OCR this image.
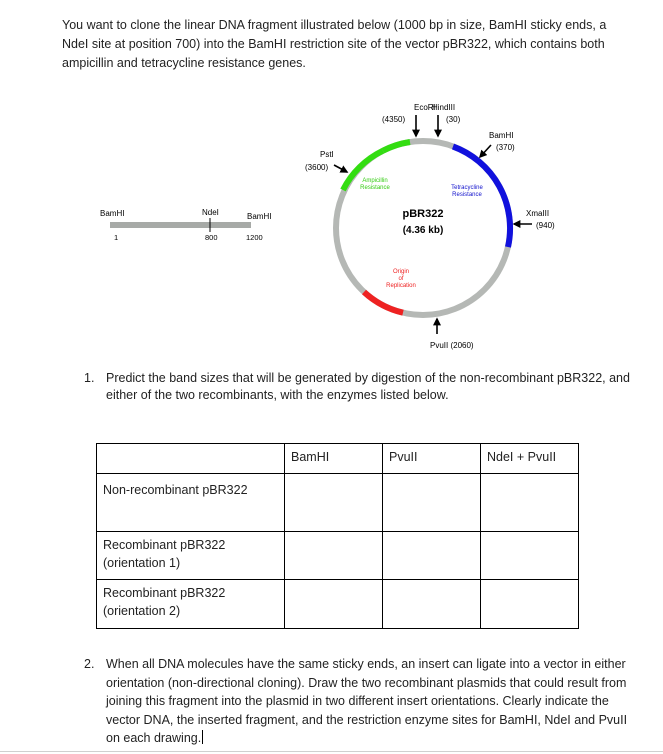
You want to clone the linear DNA fragment illustrated below (1000 bp in size, BamHI sticky ends, a NdeI site at position 700) into the BamHI restriction site of the vector pBR322, which contains both ampicillin and tetracycline resistance genes.
BamHI	NdeI	BamHI
1	800	1200
pBR322
(4.36 kb)
Ampicillin
Resistance	Tetracycline
Resistance
Origin
of
Replication
EcoRI
(4350)
HindIII
(30)
BamHI
(370)
PstI
(3600)
XmaIII
(940)
PvuII (2060)
1. Predict the band sizes that will be generated by digestion of the non-recombinant pBR322, and either of the two recombinants, with the enzymes listed below.
	BamHI	PvuII	NdeI + PvuII

Non-recombinant pBR322			

Recombinant pBR322
(orientation 1)			

Recombinant pBR322
(orientation 2)			

2. When all DNA molecules have the same sticky ends, an insert can ligate into a vector in either orientation (non-directional cloning). Draw the two recombinant plasmids that could result from joining this fragment into the plasmid in two different insert orientations. Clearly indicate the vector DNA, the inserted fragment, and the restriction enzyme sites for BamHI, NdeI and PvuII on each drawing.
